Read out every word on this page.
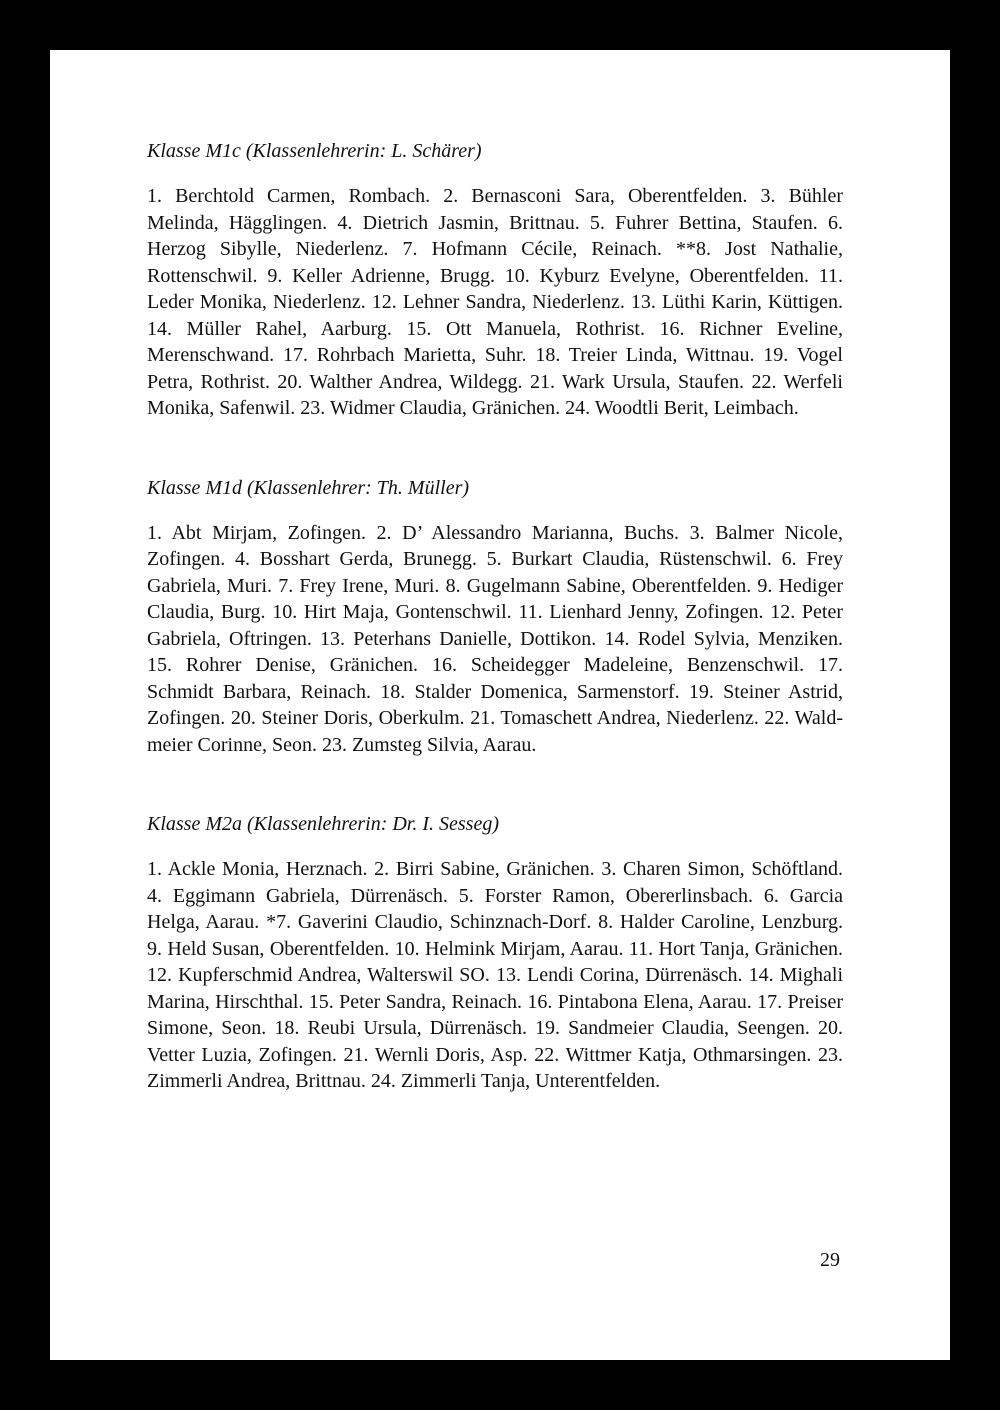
Klasse M1c (Klassenlehrerin: L. Schärer)

1. Berchtold Carmen, Rombach. 2. Bernasconi Sara, Oberentfelden. 3. Bühler Melinda, Hägglingen. 4. Dietrich Jasmin, Brittnau. 5. Fuhrer Bettina, Staufen. 6. Herzog Sibylle, Niederlenz. 7. Hofmann Cécile, Reinach. **8. Jost Nathalie, Rottenschwil. 9. Keller Adrienne, Brugg. 10. Kyburz Evelyne, Oberentfelden. 11. Leder Monika, Niederlenz. 12. Lehner Sandra, Niederlenz. 13. Lüthi Karin, Küttigen. 14. Müller Rahel, Aarburg. 15. Ott Manuela, Rothrist. 16. Richner Eveline, Merenschwand. 17. Rohrbach Marietta, Suhr. 18. Treier Linda, Wittnau. 19. Vogel Petra, Rothrist. 20. Walther Andrea, Wildegg. 21. Wark Ursula, Staufen. 22. Werfeli Monika, Safenwil. 23. Widmer Claudia, Gränichen. 24. Woodtli Berit, Leimbach.

Klasse M1d (Klassenlehrer: Th. Müller)

1. Abt Mirjam, Zofingen. 2. D’ Alessandro Marianna, Buchs. 3. Balmer Nicole, Zofingen. 4. Bosshart Gerda, Brunegg. 5. Burkart Claudia, Rüstenschwil. 6. Frey Gabriela, Muri. 7. Frey Irene, Muri. 8. Gugelmann Sabine, Oberentfelden. 9. Hediger Claudia, Burg. 10. Hirt Maja, Gontenschwil. 11. Lienhard Jenny, Zofingen. 12. Peter Gabriela, Oftringen. 13. Peterhans Danielle, Dottikon. 14. Rodel Sylvia, Menziken. 15. Rohrer Denise, Gränichen. 16. Scheidegger Madeleine, Benzenschwil. 17. Schmidt Barbara, Reinach. 18. Stalder Domenica, Sarmenstorf. 19. Steiner Astrid, Zofingen. 20. Steiner Doris, Oberkulm. 21. Tomaschett Andrea, Niederlenz. 22. Waldmeier Corinne, Seon. 23. Zumsteg Silvia, Aarau.

Klasse M2a (Klassenlehrerin: Dr. I. Sesseg)

1. Ackle Monia, Herznach. 2. Birri Sabine, Gränichen. 3. Charen Simon, Schöftland. 4. Eggimann Gabriela, Dürrenäsch. 5. Forster Ramon, Obererlinsbach. 6. Garcia Helga, Aarau. *7. Gaverini Claudio, Schinznach-Dorf. 8. Halder Caroline, Lenzburg. 9. Held Susan, Oberentfelden. 10. Helmink Mirjam, Aarau. 11. Hort Tanja, Gränichen. 12. Kupferschmid Andrea, Walterswil SO. 13. Lendi Corina, Dürrenäsch. 14. Mighali Marina, Hirschthal. 15. Peter Sandra, Reinach. 16. Pintabona Elena, Aarau. 17. Preiser Simone, Seon. 18. Reubi Ursula, Dürrenäsch. 19. Sandmeier Claudia, Seengen. 20. Vetter Luzia, Zofingen. 21. Wernli Doris, Asp. 22. Wittmer Katja, Othmarsingen. 23. Zimmerli Andrea, Brittnau. 24. Zimmerli Tanja, Unterentfelden.

29
